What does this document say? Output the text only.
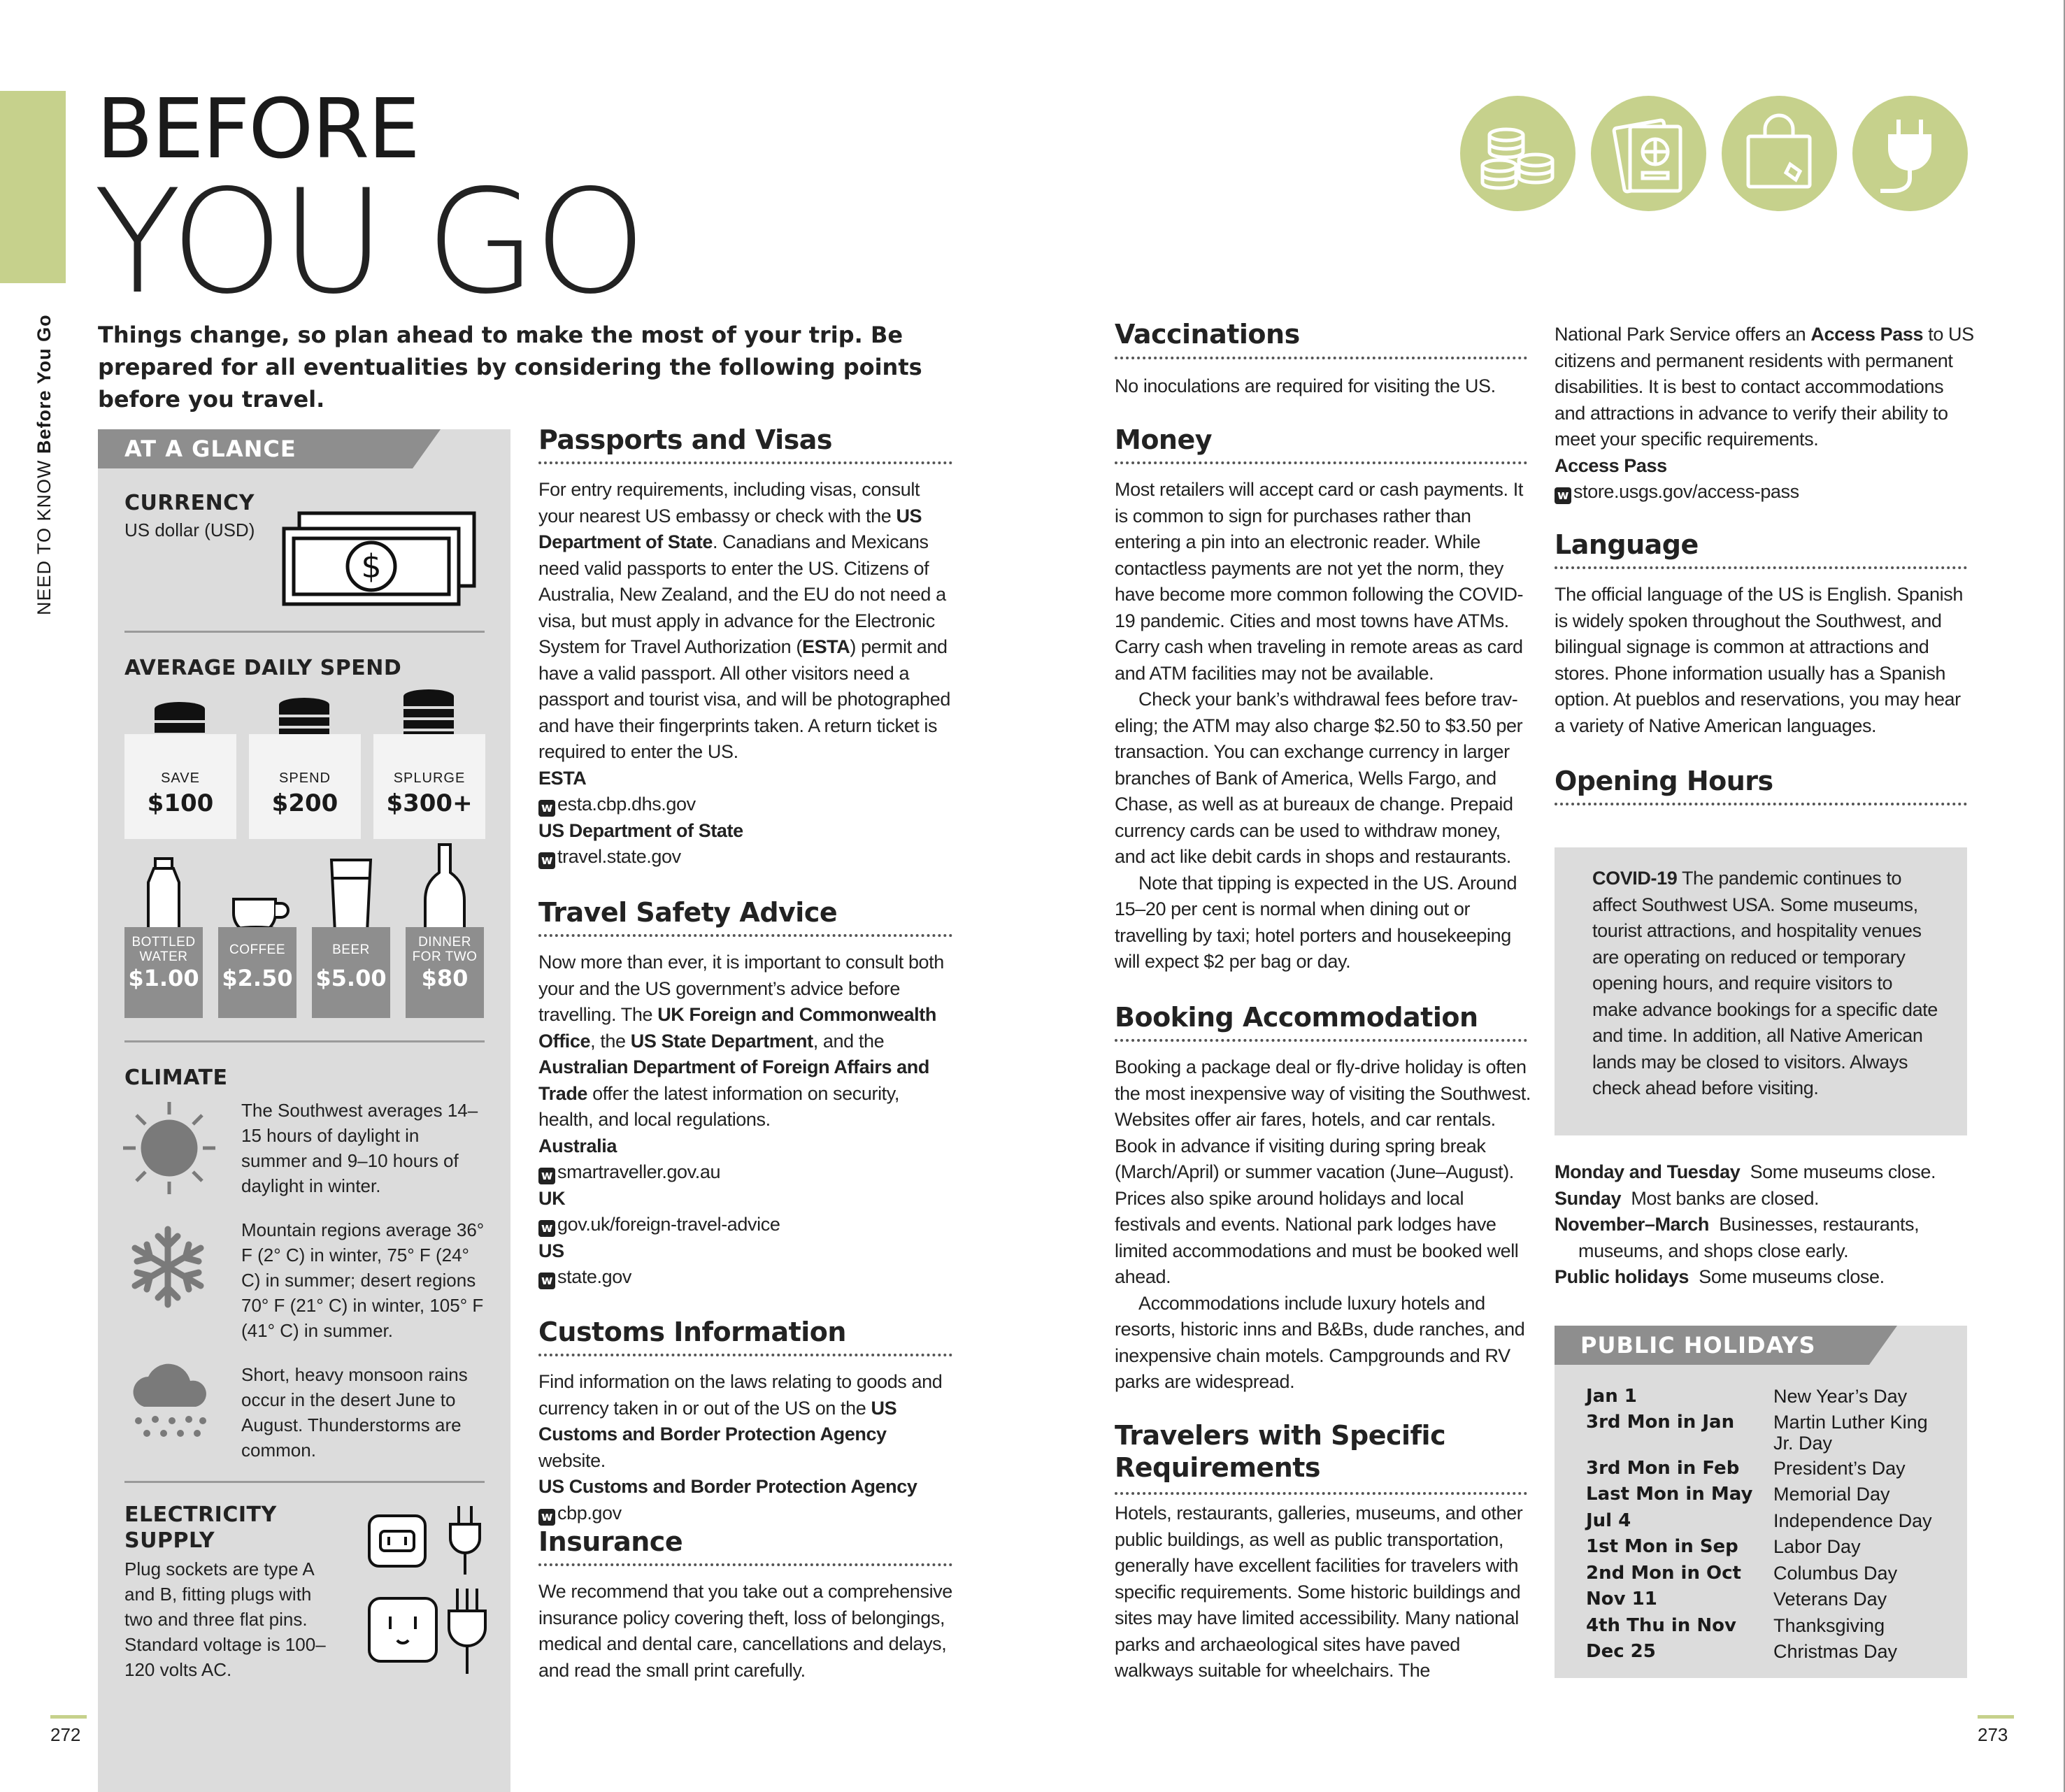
NEED TO KNOW Before You Go
BEFORE
YOU GO
Things change, so plan ahead to make the most of your trip. Be prepared for all eventualities by considering the following points before you travel.
AT A GLANCE
CURRENCY
US dollar (USD)
$
AVERAGE DAILY SPEND
SAVE
$100
SPEND
$200
SPLURGE
$300+
BOTTLED WATER
$1.00
COFFEE
$2.50
BEER
$5.00
DINNER FOR TWO
$80
CLIMATE
The Southwest averages 14–15 hours of daylight in summer and 9–10 hours of daylight in winter.
Mountain regions average 36° F (2° C) in winter, 75° F (24° C) in summer; desert regions 70° F (21° C) in winter, 105° F (41° C) in summer.
Short, heavy monsoon rains occur in the desert June to August. Thunderstorms are common.
ELECTRICITY
SUPPLY
Plug sockets are type A and B, fitting plugs with two and three flat pins. Standard voltage is 100–120 volts AC.
Passports and Visas

For entry requirements, including visas, consult your nearest US embassy or check with the US Department of State. Canadians and Mexicans need valid passports to enter the US. Citizens of Australia, New Zealand, and the EU do not need a visa, but must apply in advance for the Electronic System for Travel Authorization (ESTA) permit and have a valid passport. All other visitors need a passport and tourist visa, and will be photographed and have their fingerprints taken. A return ticket is required to enter the US.

ESTA

w esta.cbp.dhs.gov

US Department of State

w travel.state.gov

Travel Safety Advice

Now more than ever, it is important to consult both your and the US government’s advice before travelling. The UK Foreign and Commonwealth Office, the US State Department, and the Australian Department of Foreign Affairs and Trade offer the latest information on security, health, and local regulations.

Australia

w smartraveller.gov.au

UK

w gov.uk/foreign-travel-advice

US

w state.gov

Customs Information

Find information on the laws relating to goods and currency taken in or out of the US on the US Customs and Border Protection Agency website.

US Customs and Border Protection Agency

w cbp.gov

Insurance
We recommend that you take out a comprehensive insurance policy covering theft, loss of belongings, medical and dental care, cancellations and delays, and read the small print carefully.
Vaccinations
No inoculations are required for visiting the US.
Money

Most retailers will accept card or cash payments. It is common to sign for purchases rather than entering a pin into an electronic reader. While contactless payments are not yet the norm, they have become more common following the COVID-19 pandemic. Cities and most towns have ATMs. Carry cash when traveling in remote areas as card and ATM facilities may not be available.

Check your bank’s withdrawal fees before traveling; the ATM may also charge $2.50 to $3.50 per transaction. You can exchange currency in larger branches of Bank of America, Wells Fargo, and Chase, as well as at bureaux de change. Prepaid currency cards can be used to withdraw money, and act like debit cards in shops and restaurants.

Note that tipping is expected in the US. Around 15–20 per cent is normal when dining out or travelling by taxi; hotel porters and housekeeping will expect $2 per bag or day.

Booking Accommodation

Booking a package deal or fly-drive holiday is often the most inexpensive way of visiting the Southwest. Websites offer air fares, hotels, and car rentals. Book in advance if visiting during spring break (March/April) or summer vacation (June–August). Prices also spike around holidays and local festivals and events. National park lodges have limited accommodations and must be booked well ahead.

Accommodations include luxury hotels and resorts, historic inns and B&Bs, dude ranches, and inexpensive chain motels. Campgrounds and RV parks are widespread.

Travelers with Specific
Requirements
Hotels, restaurants, galleries, museums, and other public buildings, as well as public transportation, generally have excellent facilities for travelers with specific requirements. Some historic buildings and sites may have limited accessibility. Many national parks and archaeological sites have paved walkways suitable for wheelchairs. The

National Park Service offers an Access Pass to US citizens and permanent residents with permanent disabilities. It is best to contact accommodations and attractions in advance to verify their ability to meet your specific requirements.

Access Pass

w store.usgs.gov/access-pass

Language
The official language of the US is English. Spanish is widely spoken throughout the Southwest, and bilingual signage is common at attractions and stores. Phone information usually has a Spanish option. At pueblos and reservations, you may hear a variety of Native American languages.
Opening Hours

COVID-19 The pandemic continues to affect Southwest USA. Some museums, tourist attractions, and hospitality venues are operating on reduced or temporary opening hours, and require visitors to make advance bookings for a specific date and time. In addition, all Native American lands may be closed to visitors. Always check ahead before visiting.

Monday and Tuesday Some museums close.

Sunday Most banks are closed.

November–March Businesses, restaurants, museums, and shops close early.

Public holidays Some museums close.

PUBLIC HOLIDAYS
Jan 1	New Year’s Day
3rd Mon in Jan Martin Luther King Jr. Day
3rd Mon in Feb President’s Day
Last Mon in May Memorial Day
Jul 4	Independence Day
1st Mon in Sep Labor Day
2nd Mon in Oct Columbus Day
Nov 11	Veterans Day
4th Thu in Nov Thanksgiving
Dec 25	Christmas Day
272	273
